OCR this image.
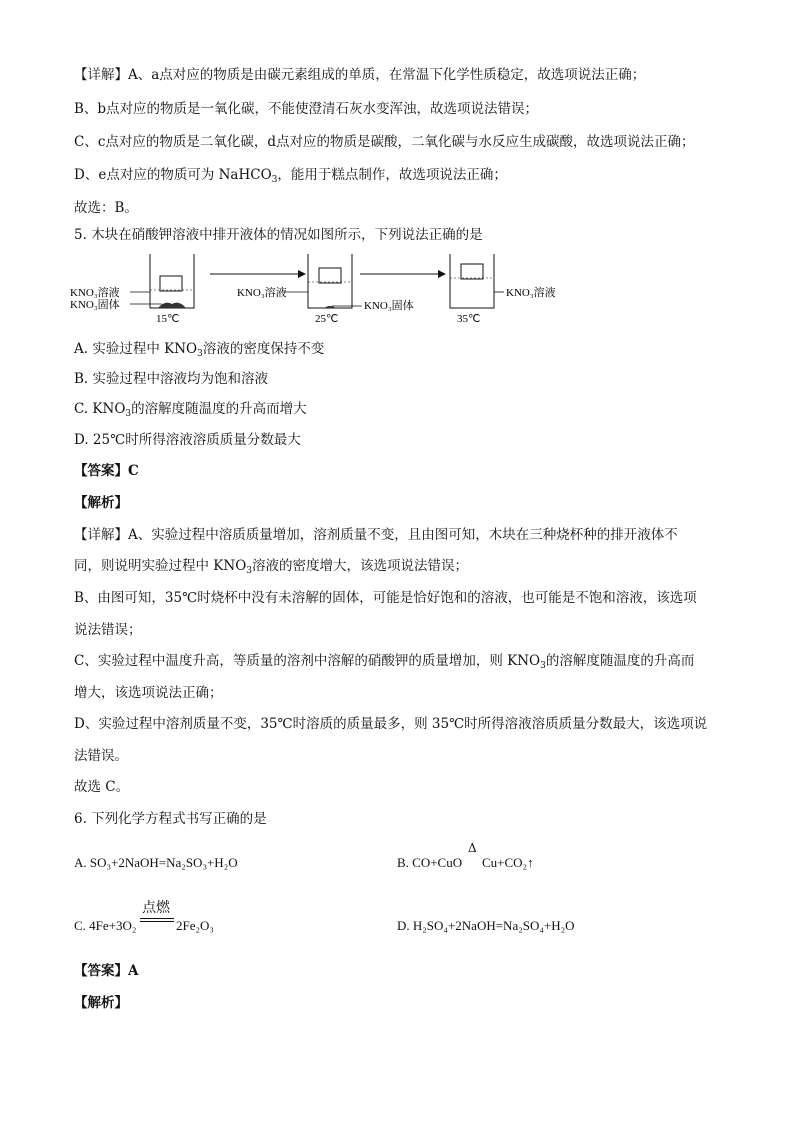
【详解】A、a点对应的物质是由碳元素组成的单质，在常温下化学性质稳定，故选项说法正确；
B、b点对应的物质是一氧化碳，不能使澄清石灰水变浑浊，故选项说法错误；
C、c点对应的物质是二氧化碳，d点对应的物质是碳酸，二氧化碳与水反应生成碳酸，故选项说法正确；
D、e点对应的物质可为 NaHCO$_3$，能用于糕点制作，故选项说法正确；
故选：B。
5. 木块在硝酸钾溶液中排开液体的情况如图所示，下列说法正确的是
KNO₃溶液
KNO₃固体
15℃
KNO₃溶液
KNO₃固体
25℃
KNO₃溶液
35℃
A. 实验过程中 $KNO_3$溶液的密度保持不变
B. 实验过程中溶液均为饱和溶液
C. $KNO_3$的溶解度随温度的升高而增大
D. 25℃时所得溶液溶质质量分数最大
【答案】C
【解析】
【详解】A、实验过程中溶质质量增加，溶剂质量不变，且由图可知，木块在三种烧杯种的排开液体不
同，则说明实验过程中 $KNO_3$溶液的密度增大，该选项说法错误；
B、由图可知，35℃时烧杯中没有未溶解的固体，可能是恰好饱和的溶液，也可能是不饱和溶液，该选项
说法错误；
C、实验过程中温度升高，等质量的溶剂中溶解的硝酸钾的质量增加，则 $KNO_3$的溶解度随温度的升高而
增大，该选项说法正确；
D、实验过程中溶剂质量不变，35℃时溶质的质量最多，则 35℃时所得溶液溶质质量分数最大，该选项说
法错误。
故选 C。
6. 下列化学方程式书写正确的是
A. SO₃+2NaOH=Na₂SO₃+H₂O	B. CO+CuO
Δ
Cu+CO₂↑
C. 4Fe+3O₂
点燃
2Fe₂O₃	D. H₂SO₄+2NaOH=Na₂SO₄+H₂O
【答案】A
【解析】
